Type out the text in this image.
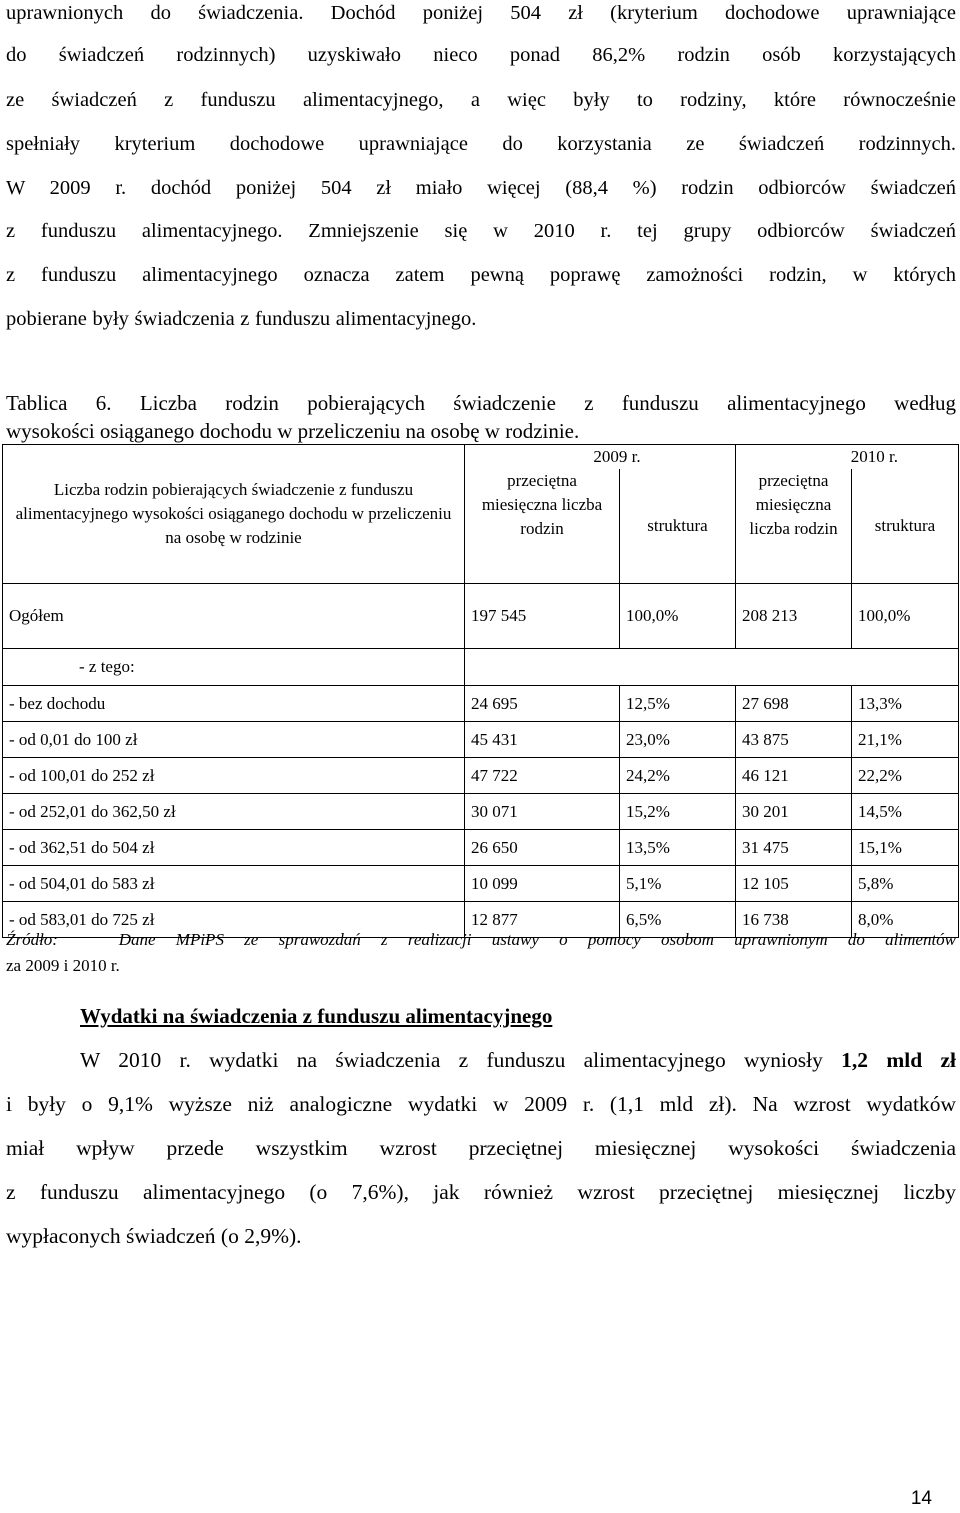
uprawnionych do świadczenia. Dochód poniżej 504 zł (kryterium dochodowe uprawniające
do świadczeń rodzinnych) uzyskiwało nieco ponad 86,2% rodzin osób korzystających
ze świadczeń z funduszu alimentacyjnego, a więc były to rodziny, które równocześnie
spełniały kryterium dochodowe uprawniające do korzystania ze świadczeń rodzinnych.
W 2009 r. dochód poniżej 504 zł miało więcej (88,4 %) rodzin odbiorców świadczeń
z funduszu alimentacyjnego. Zmniejszenie się w 2010 r. tej grupy odbiorców świadczeń
z funduszu alimentacyjnego oznacza zatem pewną poprawę zamożności rodzin, w których
pobierane były świadczenia z funduszu alimentacyjnego.
Tablica 6. Liczba rodzin pobierających świadczenie z funduszu alimentacyjnego według
wysokości osiąganego dochodu w przeliczeniu na osobę w rodzinie.
Liczba rodzin pobierających świadczenie z funduszu alimentacyjnego wysokości osiąganego dochodu w przeliczeniu na osobę w rodzinie	2009 r.		2010 r.	
	przeciętna miesięczna liczba rodzin	struktura	przeciętna miesięczna liczba rodzin	struktura
Ogółem	197 545	100,0%	208 213	100,0%
- z tego:				
- bez dochodu	24 695	12,5%	27 698	13,3%
- od 0,01 do 100 zł	45 431	23,0%	43 875	21,1%
- od 100,01 do 252 zł	47 722	24,2%	46 121	22,2%
- od 252,01 do 362,50 zł	30 071	15,2%	30 201	14,5%
- od 362,51 do 504 zł	26 650	13,5%	31 475	15,1%
- od 504,01 do 583 zł	10 099	5,1%	12 105	5,8%
- od 583,01 do 725 zł	12 877	6,5%	16 738	8,0%
Źródło:	Dane MPiPS ze sprawozdań z realizacji ustawy o pomocy osobom uprawnionym do alimentów
za 2009 i 2010 r.
Wydatki na świadczenia z funduszu alimentacyjnego
W 2010 r. wydatki na świadczenia z funduszu alimentacyjnego wyniosły 1,2 mld zł
i były o 9,1% wyższe niż analogiczne wydatki w 2009 r. (1,1 mld zł). Na wzrost wydatków
miał wpływ przede wszystkim wzrost przeciętnej miesięcznej wysokości świadczenia
z funduszu alimentacyjnego (o 7,6%), jak również wzrost przeciętnej miesięcznej liczby
wypłaconych świadczeń (o 2,9%).
14
